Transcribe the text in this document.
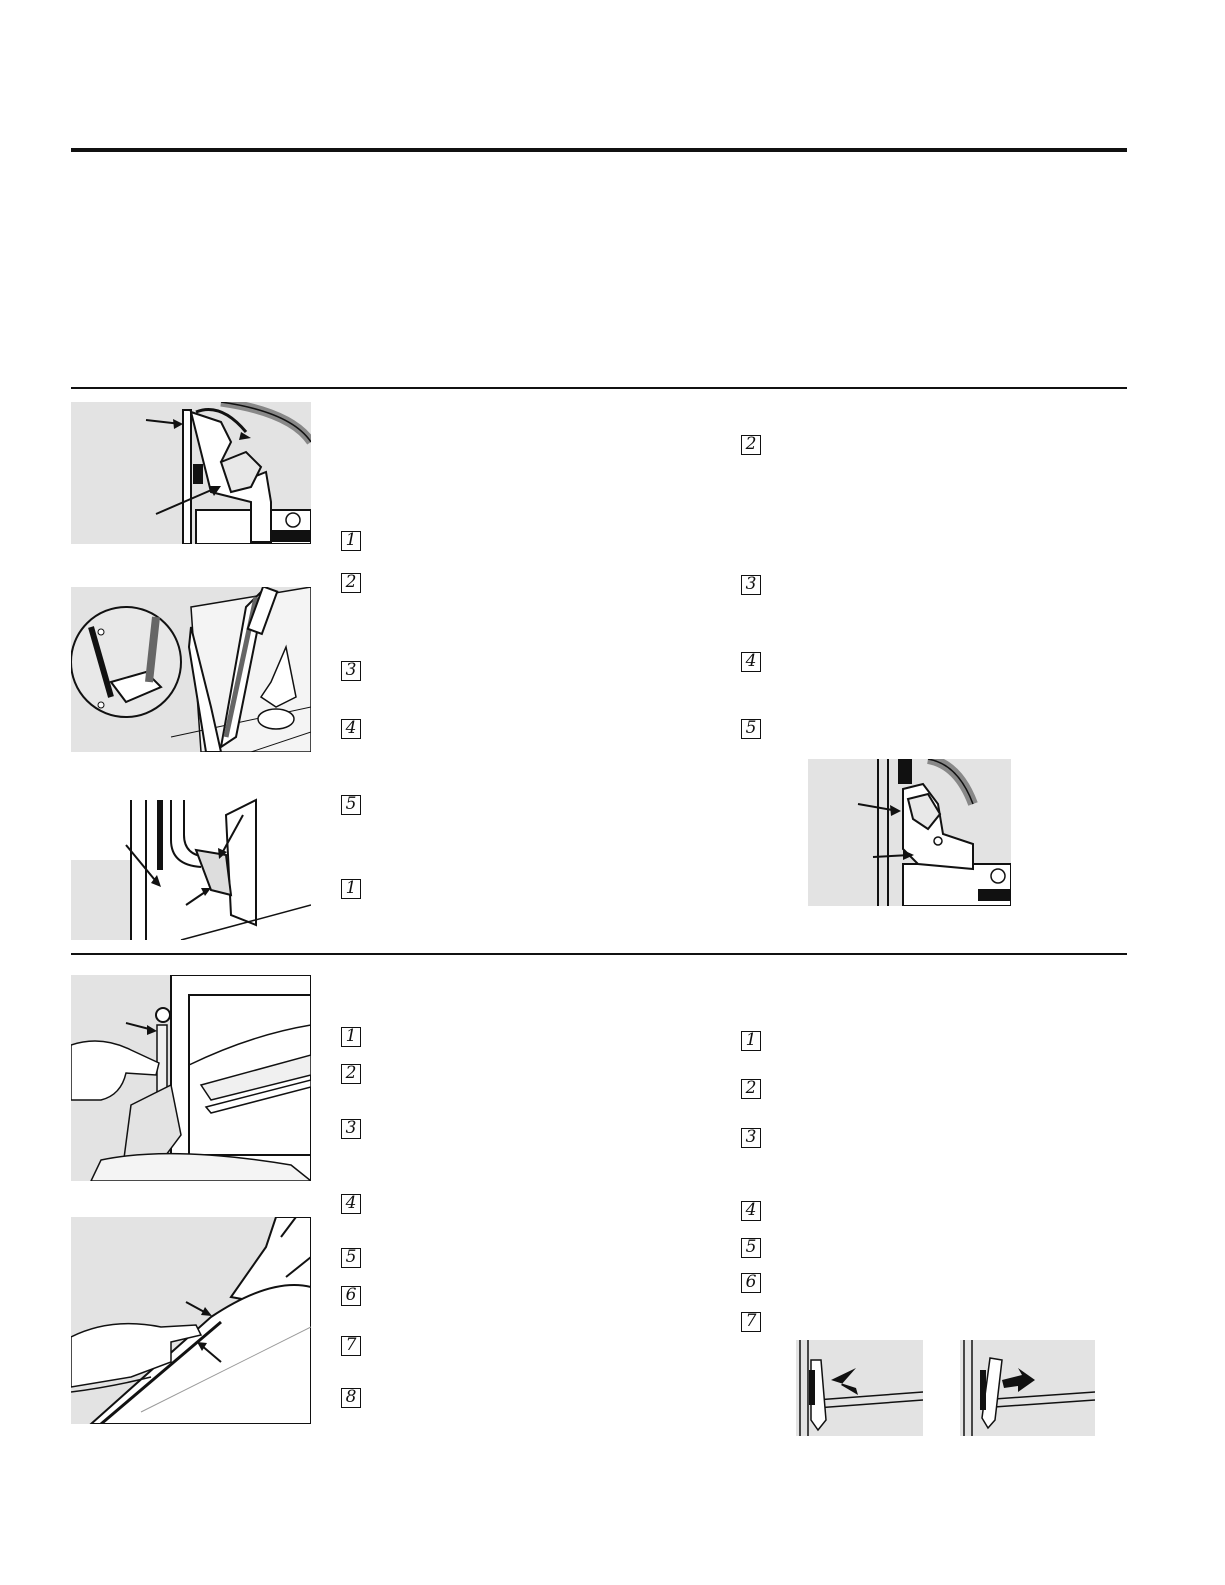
1
2
3
4
5
1
2
3
4
5
1
2
3
4
5
6
7
8
1
2
3
4
5
6
7
